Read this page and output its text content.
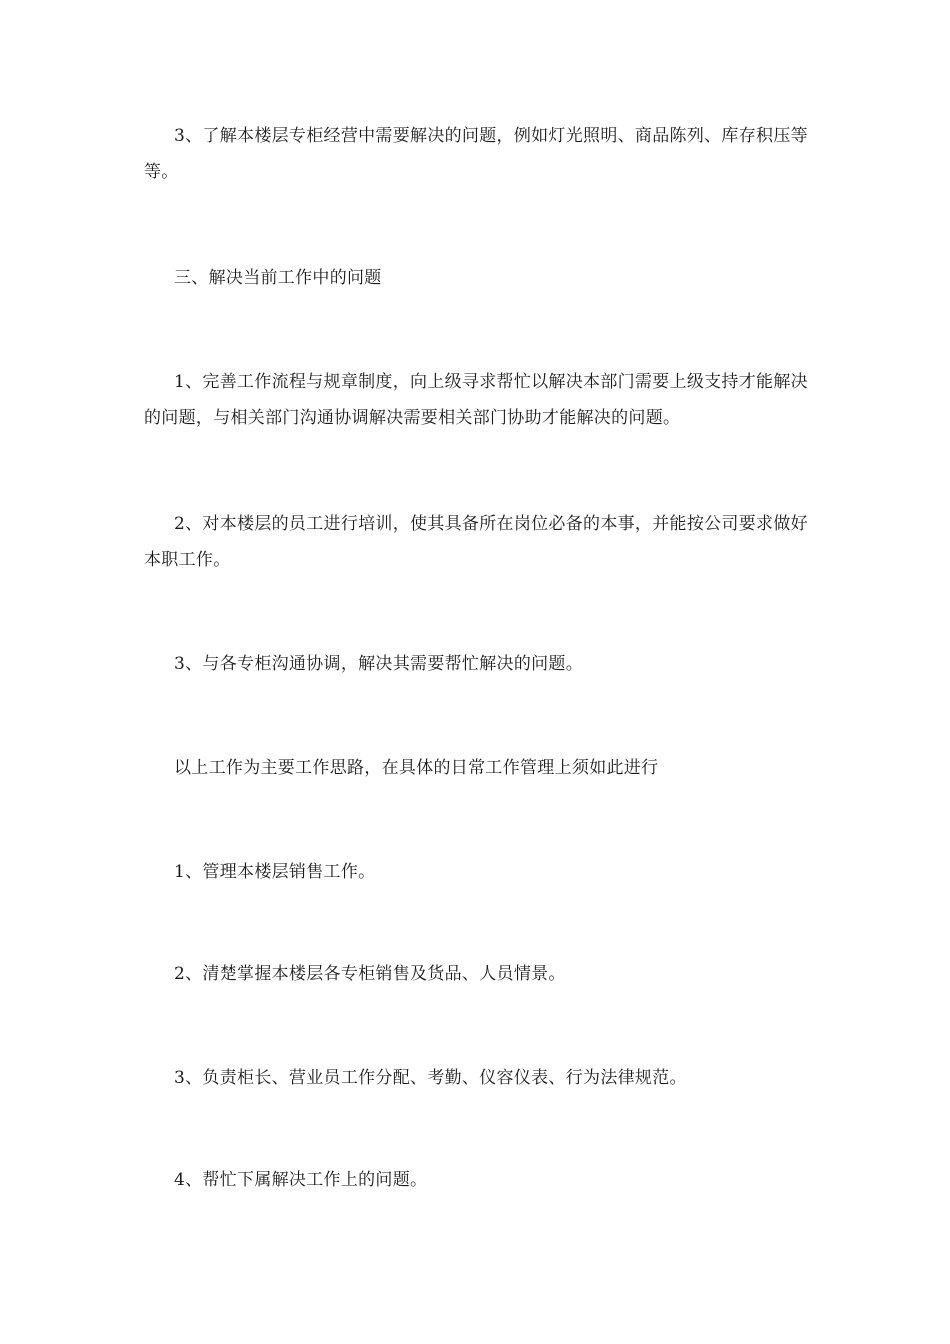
3、了解本楼层专柜经营中需要解决的问题，例如灯光照明、商品陈列、库存积压等等。

三、解决当前工作中的问题

1、完善工作流程与规章制度，向上级寻求帮忙以解决本部门需要上级支持才能解决的问题，与相关部门沟通协调解决需要相关部门协助才能解决的问题。

2、对本楼层的员工进行培训，使其具备所在岗位必备的本事，并能按公司要求做好本职工作。

3、与各专柜沟通协调，解决其需要帮忙解决的问题。

以上工作为主要工作思路，在具体的日常工作管理上须如此进行

1、管理本楼层销售工作。

2、清楚掌握本楼层各专柜销售及货品、人员情景。

3、负责柜长、营业员工作分配、考勤、仪容仪表、行为法律规范。

4、帮忙下属解决工作上的问题。
